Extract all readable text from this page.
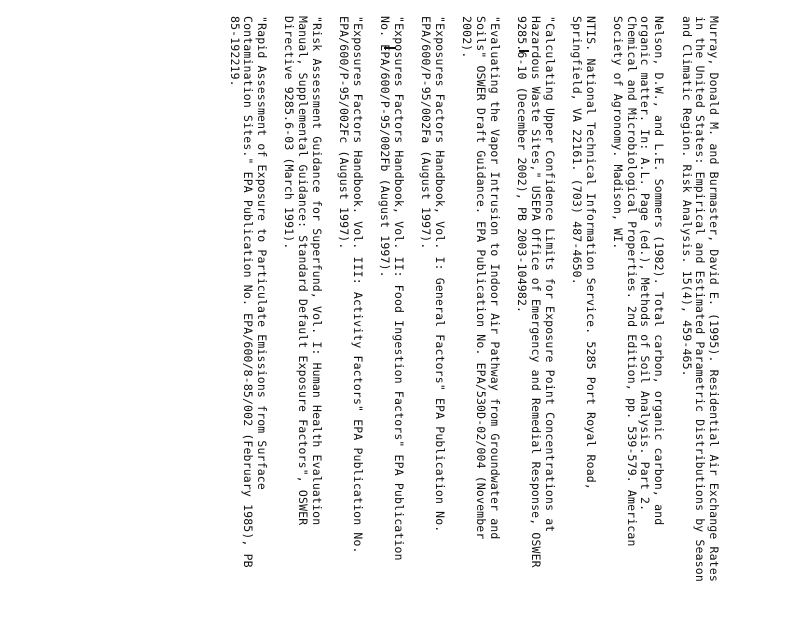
Murray, Donald M. and Burmaster, David E. (1995). Residential Air Exchange Rates
in the United States: Empirical and Estimated Parametric Distributions by Season
and Climatic Region. Risk Analysis. 15(4), 459-465.
Nelson, D.W., and L.E. Sommers (1982). Total carbon, organic carbon, and
organic matter. In: A.L. Page (ed.), Methods of Soil Analysis. Part 2.
Chemical and Microbiological Properties. 2nd Edition, pp. 539-579. American
Society of Agronomy. Madison, WI.
NTIS. National Technical Information Service. 5285 Port Royal Road,
Springfield, VA 22161. (703) 487-4650.
"Calculating Upper Confidence Limits for Exposure Point Concentrations at
Hazardous Waste Sites," USEPA Office of Emergency and Remedial Response, OSWER
9285.6-10 (December 2002), PB 2003-104982.
"Evaluating the Vapor Intrusion to Indoor Air Pathway from Groundwater and
Soils" OSWER Draft Guidance. EPA Publication No. EPA/530D-02/004 (November
2002).
"Exposures Factors Handbook, Vol. I: General Factors" EPA Publication No.
EPA/600/P-95/002Fa (August 1997).
"Exposures Factors Handbook, Vol. II: Food Ingestion Factors" EPA Publication
No. EPA/600/P-95/002Fb (August 1997).
"Exposures Factors Handbook. Vol. III: Activity Factors" EPA Publication No.
EPA/600/P-95/002Fc (August 1997).
"Risk Assessment Guidance for Superfund, Vol. I: Human Health Evaluation
Manual, Supplemental Guidance: Standard Default Exposure Factors", OSWER
Directive 9285.6-03 (March 1991).
"Rapid Assessment of Exposure to Particulate Emissions from Surface
Contamination Sites." EPA Publication No. EPA/600/8-85/002 (February 1985), PB
85-192219.
